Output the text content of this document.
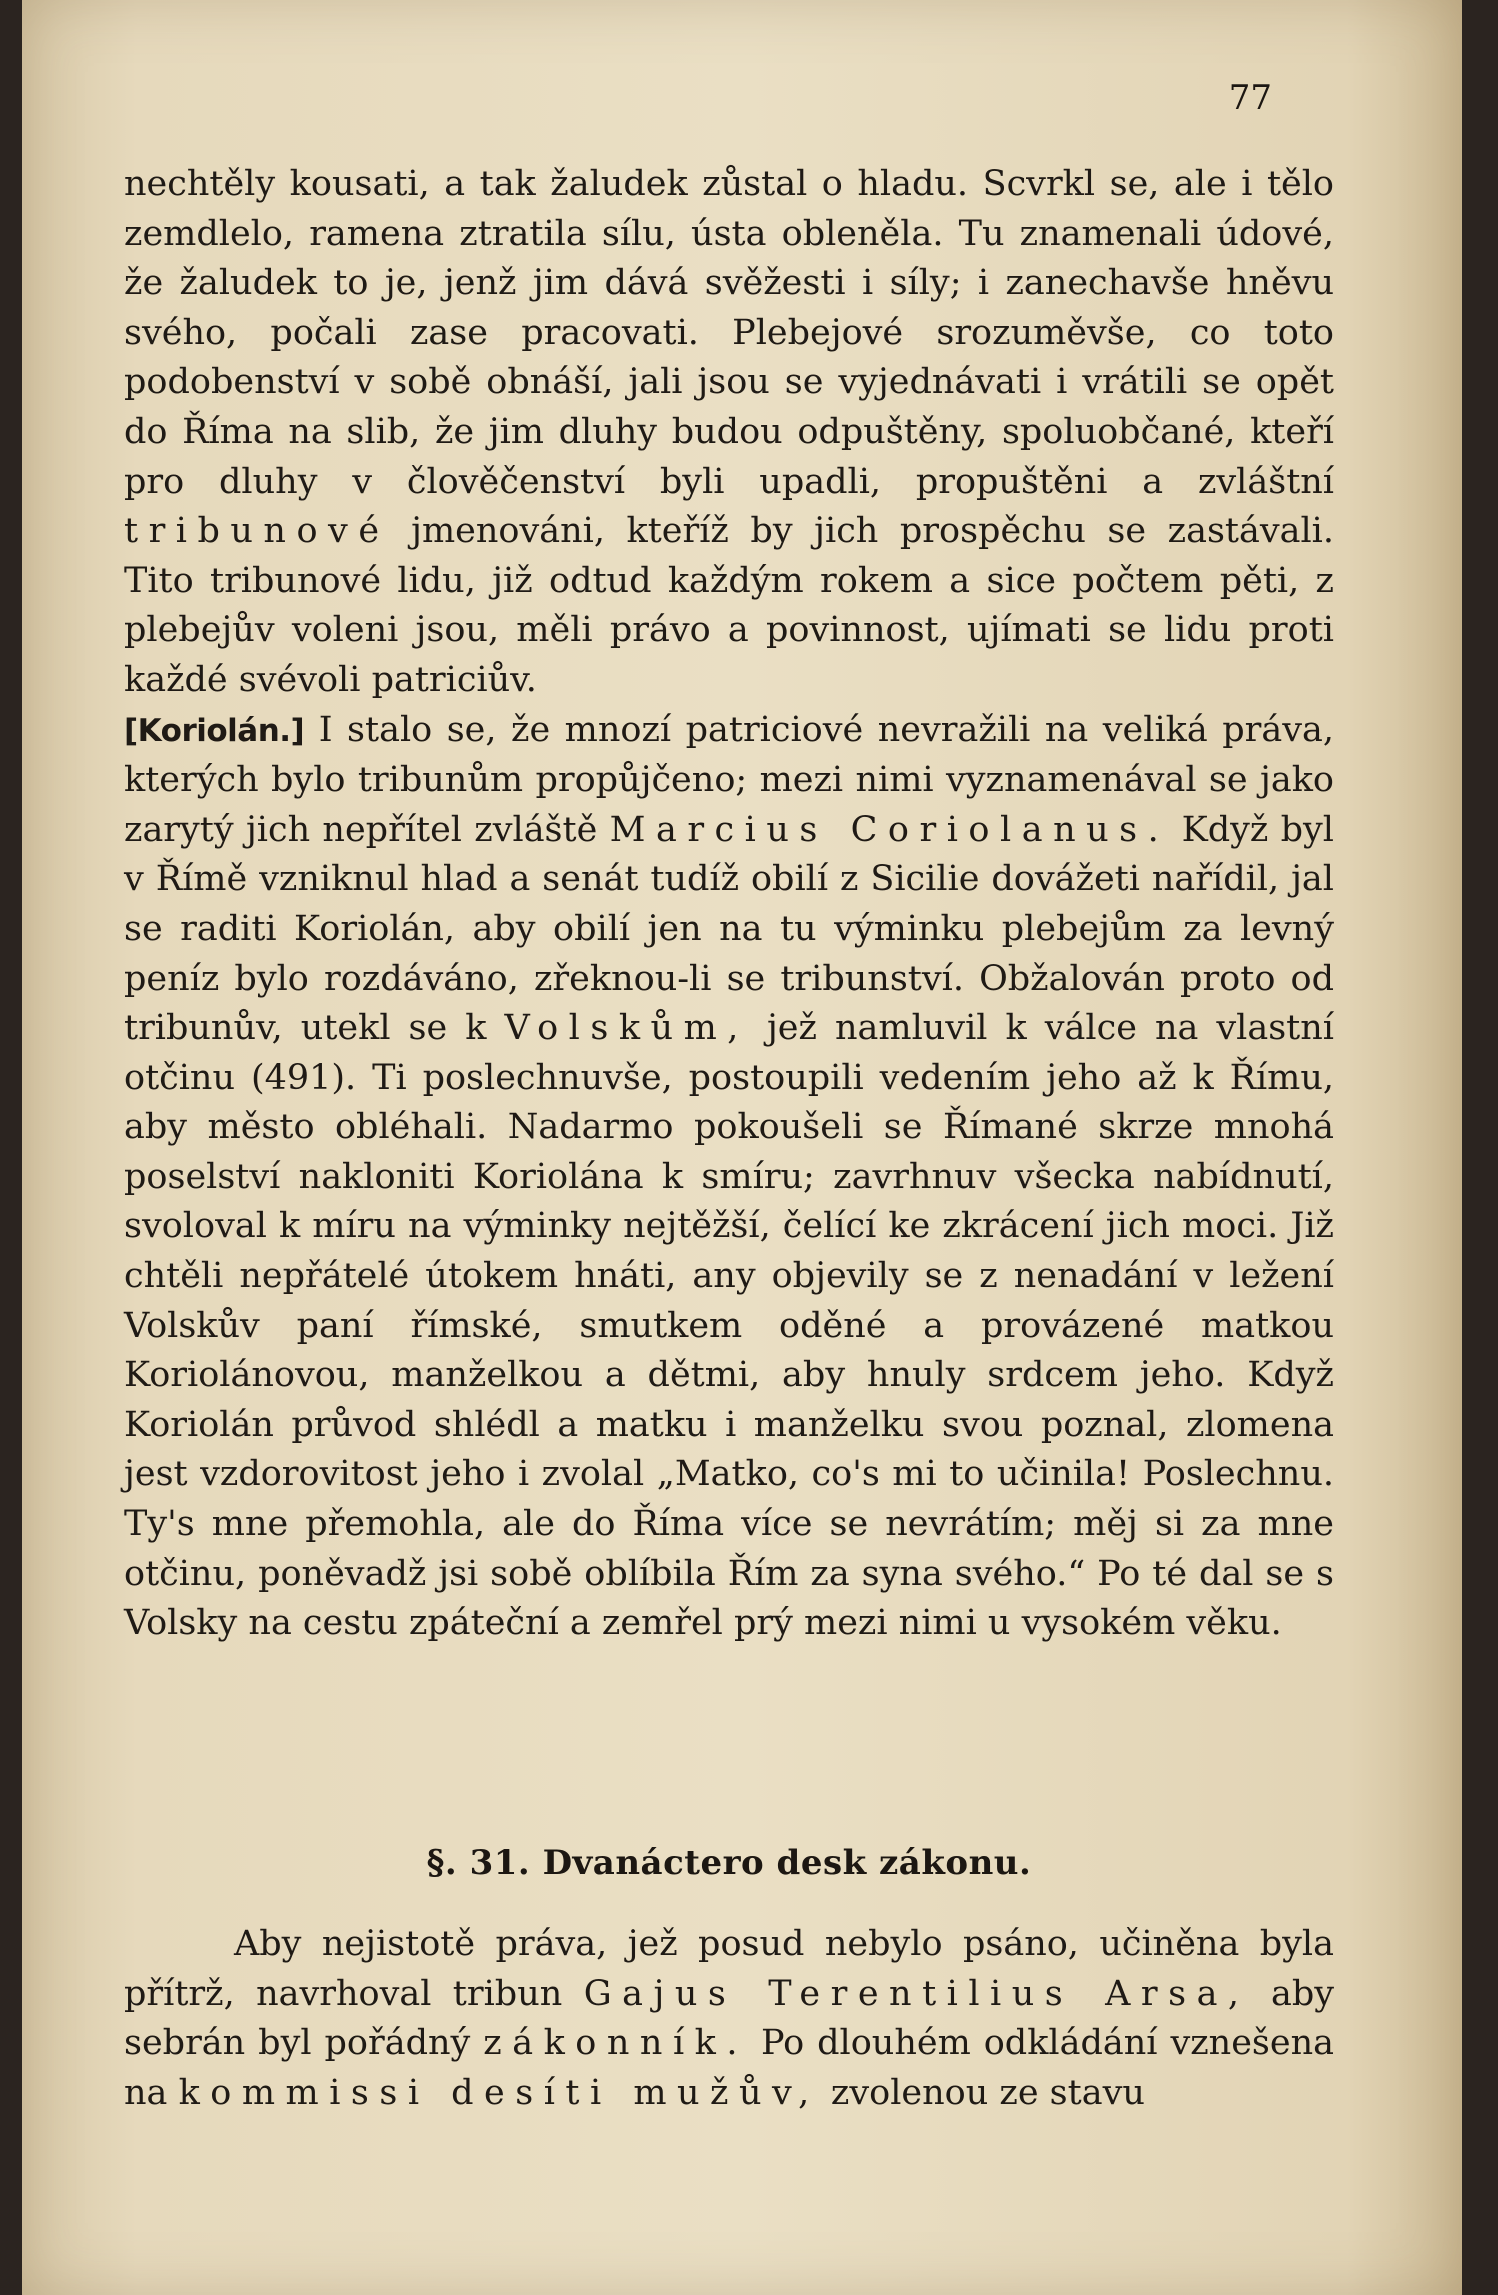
77

nechtěly kousati, a tak žaludek zůstal o hladu. Scvrkl se, ale i tělo zemdlelo, ramena ztratila sílu, ústa obleněla. Tu znamenali údové, že žaludek to je, jenž jim dává svěžesti i síly; i zanechavše hněvu svého, počali zase pracovati. Plebejové srozuměvše, co toto podobenství v sobě obnáší, jali jsou se vyjednávati i vrátili se opět do Říma na slib, že jim dluhy budou odpuštěny, spoluobčané, kteří pro dluhy v člověčenství byli upadli, propuštěni a zvláštní tribunové jmenováni, kteříž by jich prospěchu se zastávali. Tito tribunové lidu, již odtud každým rokem a sice počtem pěti, z plebejův voleni jsou, měli právo a povinnost, ujímati se lidu proti každé svévoli patriciův.

[Koriolán.] I stalo se, že mnozí patriciové nevražili na veliká práva, kterých bylo tribunům propůjčeno; mezi nimi vyznamenával se jako zarytý jich nepřítel zvláště Marcius Coriolanus. Když byl v Římě vzniknul hlad a senát tudíž obilí z Sicilie dovážeti nařídil, jal se raditi Koriolán, aby obilí jen na tu výminku plebejům za levný peníz bylo rozdáváno, zřeknou-li se tribunství. Obžalován proto od tribunův, utekl se k Volskům, jež namluvil k válce na vlastní otčinu (491). Ti poslechnuvše, postoupili vedením jeho až k Římu, aby město obléhali. Nadarmo pokoušeli se Římané skrze mnohá poselství nakloniti Koriolána k smíru; zavrhnuv všecka nabídnutí, svoloval k míru na výminky nejtěžší, čelící ke zkrácení jich moci. Již chtěli nepřátelé útokem hnáti, any objevily se z nenadání v ležení Volskův paní římské, smutkem oděné a provázené matkou Koriolánovou, manželkou a dětmi, aby hnuly srdcem jeho. Když Koriolán průvod shlédl a matku i manželku svou poznal, zlomena jest vzdorovitost jeho i zvolal „Matko, co's mi to učinila! Poslechnu. Ty's mne přemohla, ale do Říma více se nevrátím; měj si za mne otčinu, poněvadž jsi sobě oblíbila Řím za syna svého.“ Po té dal se s Volsky na cestu zpáteční a zemřel prý mezi nimi u vysokém věku.

§. 31. Dvanáctero desk zákonu.

Aby nejistotě práva, jež posud nebylo psáno, učiněna byla přítrž, navrhoval tribun Gajus Terentilius Arsa, aby sebrán byl pořádný zákonník. Po dlouhém odkládání vznešena na kommissi desíti mužův, zvolenou ze stavu
